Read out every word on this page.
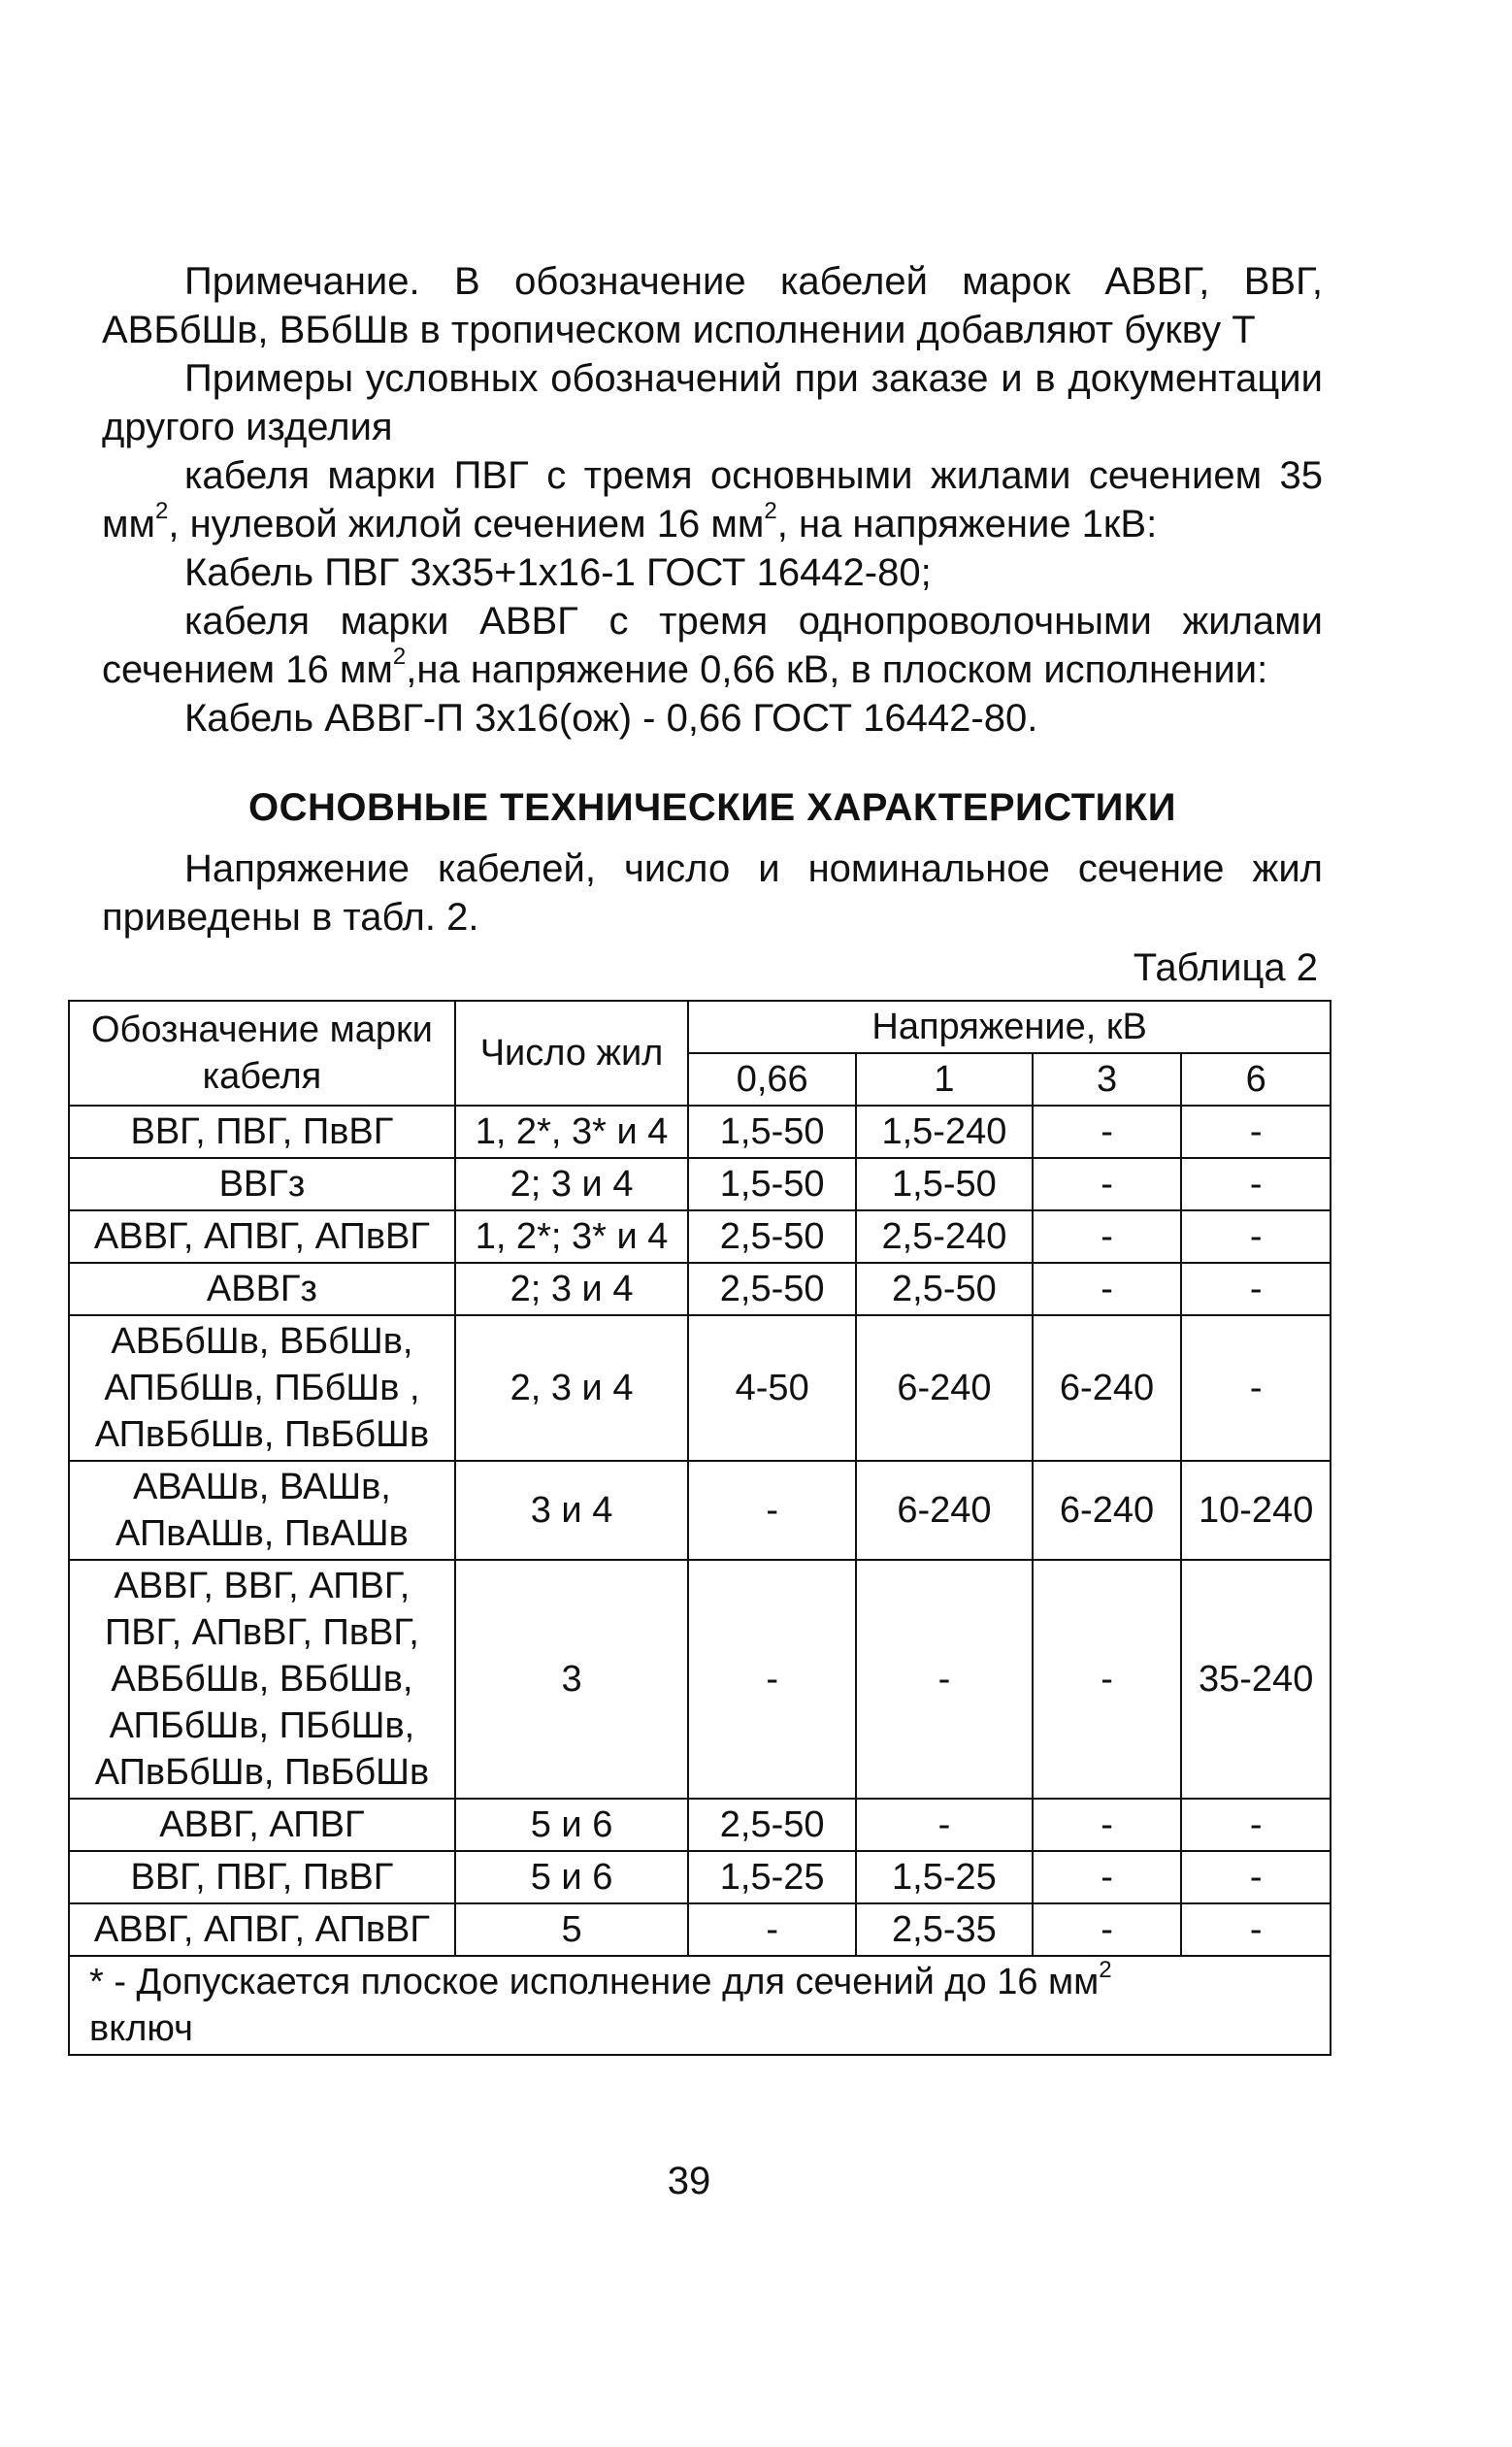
Примечание. В обозначение кабелей марок АВВГ, ВВГ, АВБбШв, ВБбШв в тропическом исполнении добавляют букву Т

Примеры условных обозначений при заказе и в документации другого изделия

кабеля марки ПВГ с тремя основными жилами сечением 35 $мм^2$, нулевой жилой сечением 16 $мм^2$, на напряжение 1кВ:

Кабель ПВГ 3х35+1х16-1 ГОСТ 16442-80;

кабеля марки АВВГ с тремя однопроволочными жилами сечением 16 $мм^2,на$ напряжение 0,66 кВ, в плоском исполнении:

Кабель АВВГ-П 3х16(ож) - 0,66 ГОСТ 16442-80.

ОСНОВНЫЕ ТЕХНИЧЕСКИЕ ХАРАКТЕРИСТИКИ

Напряжение кабелей, число и номинальное сечение жил приведены в табл. 2.

Таблица 2
Обозначение марки кабеля	Число жил	Напряжение, кВ			
		0,66	1	3	6
ВВГ, ПВГ, ПвВГ	1, 2*, 3* и 4	1,5-50	1,5-240	-	-
ВВГз	2; 3 и 4	1,5-50	1,5-50	-	-
АВВГ, АПВГ, АПвВГ	1, 2*; 3* и 4	2,5-50	2,5-240	-	-
АВВГз	2; 3 и 4	2,5-50	2,5-50	-	-
АВБбШв, ВБбШв,
АПБбШв, ПБбШв ,
АПвБбШв, ПвБбШв	2, 3 и 4	4-50	6-240	6-240	-
АВАШв, ВАШв,
АПвАШв, ПвАШв	3 и 4	-	6-240	6-240	10-240
АВВГ, ВВГ, АПВГ,
ПВГ, АПвВГ, ПвВГ,
АВБбШв, ВБбШв,
АПБбШв, ПБбШв,
АПвБбШв, ПвБбШв	3	-	-	-	35-240
АВВГ, АПВГ	5 и 6	2,5-50	-	-	-
ВВГ, ПВГ, ПвВГ	5 и 6	1,5-25	1,5-25	-	-
АВВГ, АПВГ, АПвВГ	5	-	2,5-35	-	-
* - Допускается плоское исполнение для сечений до 16 $мм^2$
включ					
39
